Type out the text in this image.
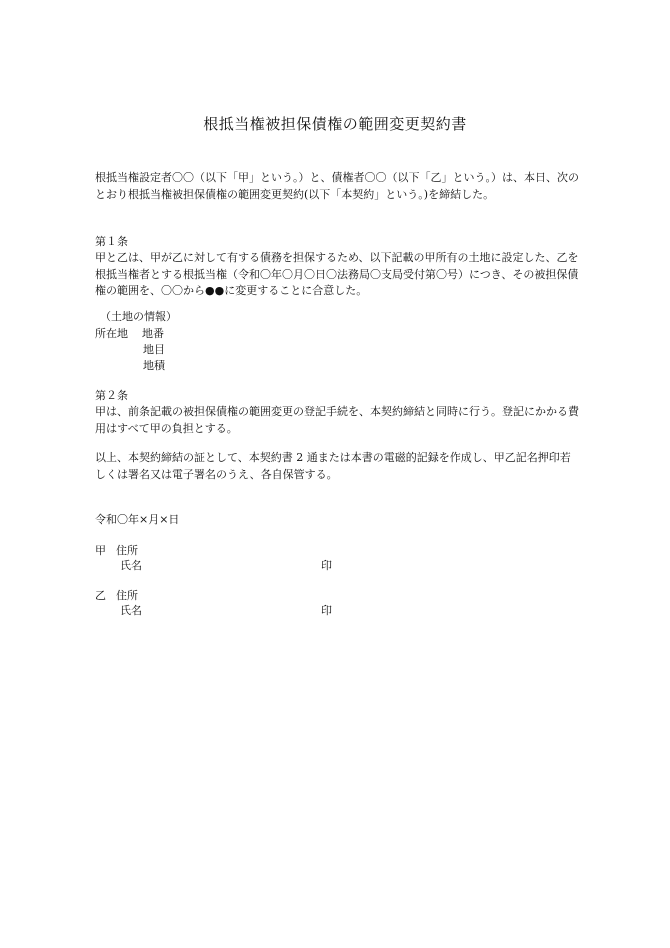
根抵当権被担保債権の範囲変更契約書
根抵当権設定者〇〇（以下「甲」という。）と、債権者〇〇（以下「乙」という。）は、本日、次のとおり根抵当権被担保債権の範囲変更契約(以下「本契約」という。)を締結した。
第１条
甲と乙は、甲が乙に対して有する債務を担保するため、以下記載の甲所有の土地に設定した、乙を根抵当権者とする根抵当権（令和〇年〇月〇日〇法務局〇支局受付第〇号）につき、その被担保債権の範囲を、〇〇から●●に変更することに合意した。
（土地の情報）
所在地 地番
地目
地積
第２条
甲は、前条記載の被担保債権の範囲変更の登記手続を、本契約締結と同時に行う。登記にかかる費用はすべて甲の負担とする。
以上、本契約締結の証として、本契約書 2 通または本書の電磁的記録を作成し、甲乙記名押印若しくは署名又は電子署名のうえ、各自保管する。
令和〇年×月×日
甲 住所
氏名	印
乙 住所
氏名	印
